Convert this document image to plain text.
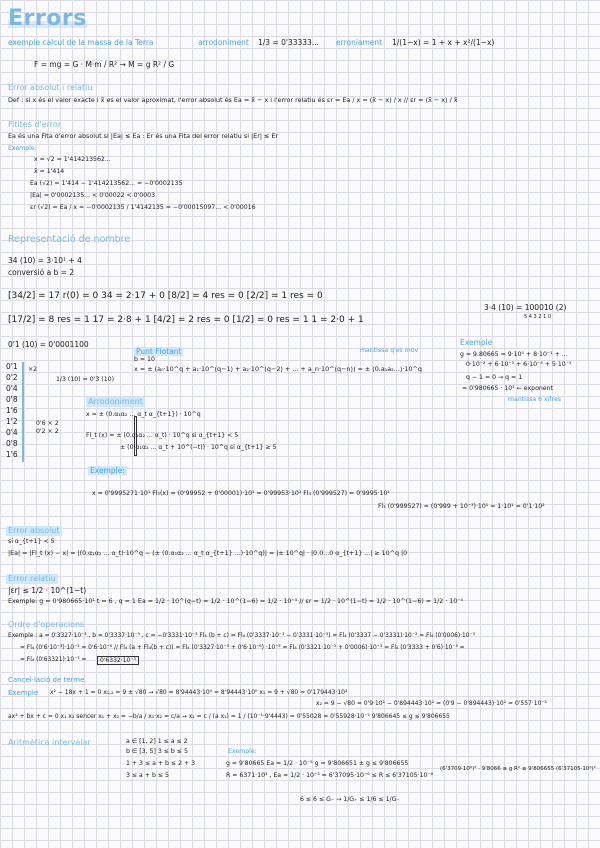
Errors
exemple calcul de la massa de la Terra
F = mg = G · M·m / R² → M = g R² / G
arrodoniment 1/3 = 0'33333... erroniament 1/(1−x) = 1 + x + x²/(1−x)
Error absolut i relatiu
Def : si x és el valor exacte i x̃ es el valor aproximat, l'error absolut és Ea = x̃ − x i l'error relatiu és εr = Ea / x = (x̃ − x) / x // εr = (x̃ − x) / x̃
Fitites d'error
Ea és una Fita d'error absolut si |Ea| ≤ Ea : Er és una Fita del error relatiu si |Er| ≤ Er
Exemple:
x = √2 = 1'414213562...
x̃ = 1'414
Ea (√2) = 1'414 − 1'414213562... = −0'0002135
|Ea| = 0'0002135... < 0'00022 < 0'0003
εr (√2) = Ea / x = −0'0002135 / 1'4142135 = −0'00015097... < 0'00016
Representació de nombre
34 (10) = 3·10¹ + 4
conversió a b = 2
[34/2] = 17 r(0) = 0 34 = 2·17 + 0 [8/2] = 4 res = 0 [2/2] = 1 res = 0
[17/2] = 8 res = 1 17 = 2·8 + 1 [4/2] = 2 res = 0 [1/2] = 0 res = 1 1 = 2·0 + 1
3·4 (10) = 100010 (2)
5 4 3 2 1 0
0'1 (10) = 0'0001100
0'1
0'2
0'4
0'8
1'6
1'2
0'4
0'8
1'6
×2
1/3 (10) = 0'3̄ (10)
0'6 × 2
0'2 × 2
Punt Flotant	mantissa q'es mov
b = 10
x = ± (a₀·10^q + a₁·10^(q−1) + a₂·10^(q−2) + ... + a_n·10^(q−n)) = ± (0.a₁a₂...)·10^q
Exemple
g = 9.80665 = 9·10⁰ + 8·10⁻¹ + ...
0·10⁻² + 6·10⁻³ + 6·10⁻⁴ + 5·10⁻⁵
q − 1 = 0 → q = 1
= 0'980665 · 10¹ ← exponent
mantissa 6 xifres
Arrodoniment
x = ± (0.α₁α₂ ... α_t α_{t+1}) · 10^q
Fl_t (x) = ± (0.α₁α₂ ... α_t) · 10^q si α_{t+1} < 5
± (0.α₁α₂ ... α_t + 10^(−t)) · 10^q si α_{t+1} ≥ 5
Exemple:
x = 0'9995271·10¹ Fl₅(x) = (0'99952 + 0'00001)·10¹ = 0'99953·10¹ Fl₄ (0'999527) = 0'9995·10¹
Fl₃ (0'999527) = (0'999 + 10⁻³)·10¹ = 1·10¹ = 0'1·10²
Error absolut
si α_{t+1} < 5
|Ea| = |Fl_t (x) − x| = |(0.α₁α₂ ... α_t)·10^q − (± (0.α₁α₂ ... α_t α_{t+1} ...)·10^q)| = |± 10^q| · |0.0...0 α_{t+1} ...| ≥ 10^q |0
Error relatiu
|εr| ≤ 1/2 · 10^(1−t)
Exemple: g = 0'980665·10¹ t = 6 , q = 1 Ea = 1/2 · 10^(q−t) = 1/2 · 10^(1−6) = 1/2 · 10⁻⁵ // εr = 1/2 · 10^(1−t) = 1/2 · 10^(1−6) = 1/2 · 10⁻⁵
Ordre d'operacions
Exemple : a = 0'3327·10⁻³ , b = 0'3337·10⁻³ , c = −0'3331·10⁻³ Fl₄ (b + c) = Fl₄ (0'3337·10⁻³ − 0'3331·10⁻³) = Fl₄ (0'3337 − 0'3331)·10⁻³ = Fl₄ (0'0006)·10⁻³
= Fl₄ (0'6·10⁻³)·10⁻³ = 0'6·10⁻⁶ // Fl₄ (a + Fl₄(b + c)) = Fl₄ (0'3327·10⁻³ + 0'6·10⁻⁶) ·10⁻³ = Fl₄ (0'3321·10⁻³ + 0'0006)·10⁻³ = Fl₄ (0'3333 + 0'6)·10⁻³ =
= Fl₄ (0'63321)·10⁻³ =	0'6332·10⁻³
Cancel·lació de terme
Exemple x² − 18x + 1 = 0 x₁,₂ = 9 ± √80 → √80 = 8'94443·10⁰ = 8'94443·10⁰ x₁ = 9 + √80 = 0'179443·10²
x₂ = 9 − √80 = 0'9·10¹ − 0'894443·10¹ = (0'9 − 0'894443)·10¹ = 0'557·10⁻¹
ax² + bx + c = 0 x₁ x₂ sencer x₁ + x₂ = −b/a / x₁·x₂ = c/a → x₂ = c / (a x₁) = 1 / (10⁻¹·9'4443) = 0'55028 = 0'55928·10⁻⁵ 9'806645 ≤ g ≤ 9'806655
Aritmètica intervalar	a ∈ [1, 2] 1 ≤ a ≤ 2
b ∈ [3, 5] 3 ≤ b ≤ 5
1 + 3 ≤ a + b ≤ 2 + 3
3 ≤ a + b ≤ 5
Exemple:
g = 9'80665 Ea = 1/2 · 10⁻⁵ g = 9'806651 ± g ≤ 9'806655
R = 6371·10³ , Ea = 1/2 · 10⁻³ = 6'37095·10⁻⁶ ≤ R ≤ 6'37105·10⁻⁶
(6'3709·10⁶)² · 9'8066 ≤ g R² ≤ 9'806655 (6'37105·10⁶)²
6 ≤ 6 ≤ G₋ → 1/G₊ ≤ 1/6 ≤ 1/G₋
